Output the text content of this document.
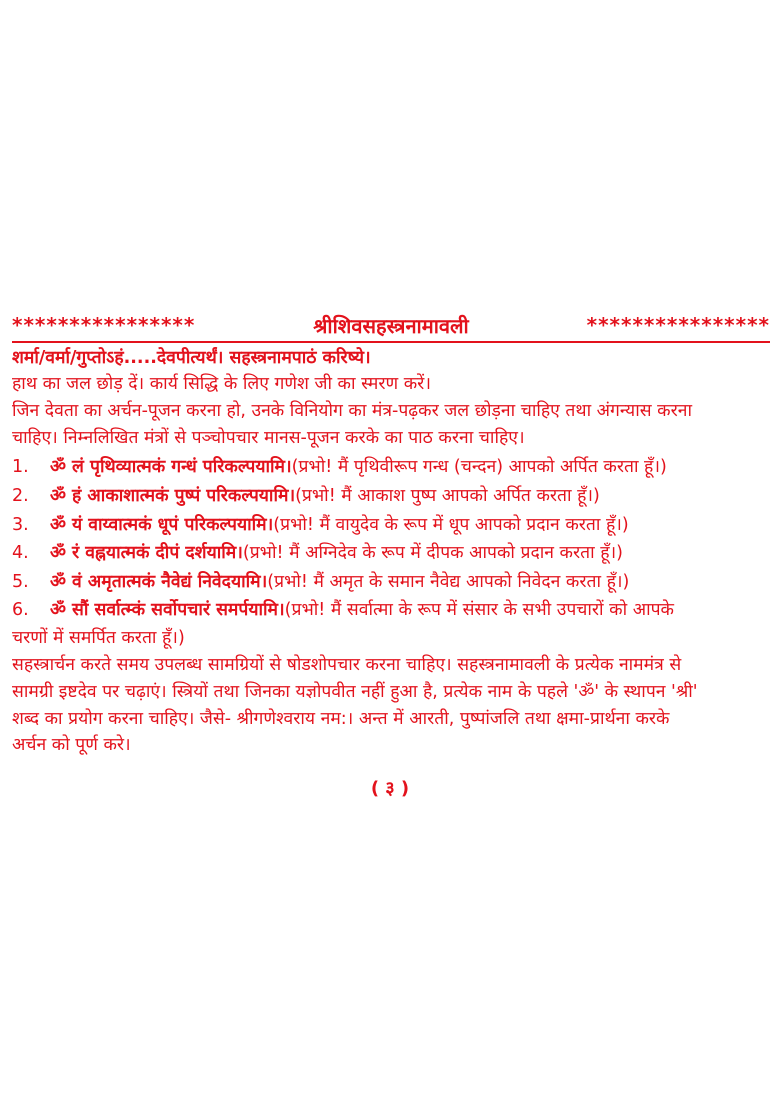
****************	श्रीशिवसहस्त्रनामावली	****************
शर्मा/वर्मा/गुप्तोऽहं.....देवपीत्यर्थं। सहस्त्रनामपाठं करिष्ये।
हाथ का जल छोड़ दें। कार्य सिद्धि के लिए गणेश जी का स्मरण करें।
जिन देवता का अर्चन-पूजन करना हो, उनके विनियोग का मंत्र-पढ़कर जल छोड़ना चाहिए तथा अंगन्यास करना
चाहिए। निम्नलिखित मंत्रों से पञ्चोपचार मानस-पूजन करके का पाठ करना चाहिए।
1.	ॐ लं पृथिव्यात्मकं गन्धं परिकल्पयामि। (प्रभो! मैं पृथिवीरूप गन्ध (चन्दन) आपको अर्पित करता हूँ।)
2.	ॐ हं आकाशात्मकं पुष्पं परिकल्पयामि। (प्रभो! मैं आकाश पुष्प आपको अर्पित करता हूँ।)
3.	ॐ यं वाय्वात्मकं धूपं परिकल्पयामि। (प्रभो! मैं वायुदेव के रूप में धूप आपको प्रदान करता हूँ।)
4.	ॐ रं वह्नयात्मकं दीपं दर्शयामि। (प्रभो! मैं अग्निदेव के रूप में दीपक आपको प्रदान करता हूँ।)
5.	ॐ वं अमृतात्मकं नैवेद्यं निवेदयामि। (प्रभो! मैं अमृत के समान नैवेद्य आपको निवेदन करता हूँ।)
6.	ॐ सौं सर्वात्म्कं सर्वोपचारं समर्पयामि। (प्रभो! मैं सर्वात्मा के रूप में संसार के सभी उपचारों को आपके
चरणों में समर्पित करता हूँ।)
सहस्त्रार्चन करते समय उपलब्ध सामग्रियों से षोडशोपचार करना चाहिए। सहस्त्रनामावली के प्रत्येक नाममंत्र से
सामग्री इष्टदेव पर चढ़ाएं। स्त्रियों तथा जिनका यज्ञोपवीत नहीं हुआ है, प्रत्येक नाम के पहले 'ॐ' के स्थापन 'श्री'
शब्द का प्रयोग करना चाहिए। जैसे- श्रीगणेश्वराय नम:। अन्त में आरती, पुष्पांजलि तथा क्षमा-प्रार्थना करके
अर्चन को पूर्ण करे।
( ३ )
